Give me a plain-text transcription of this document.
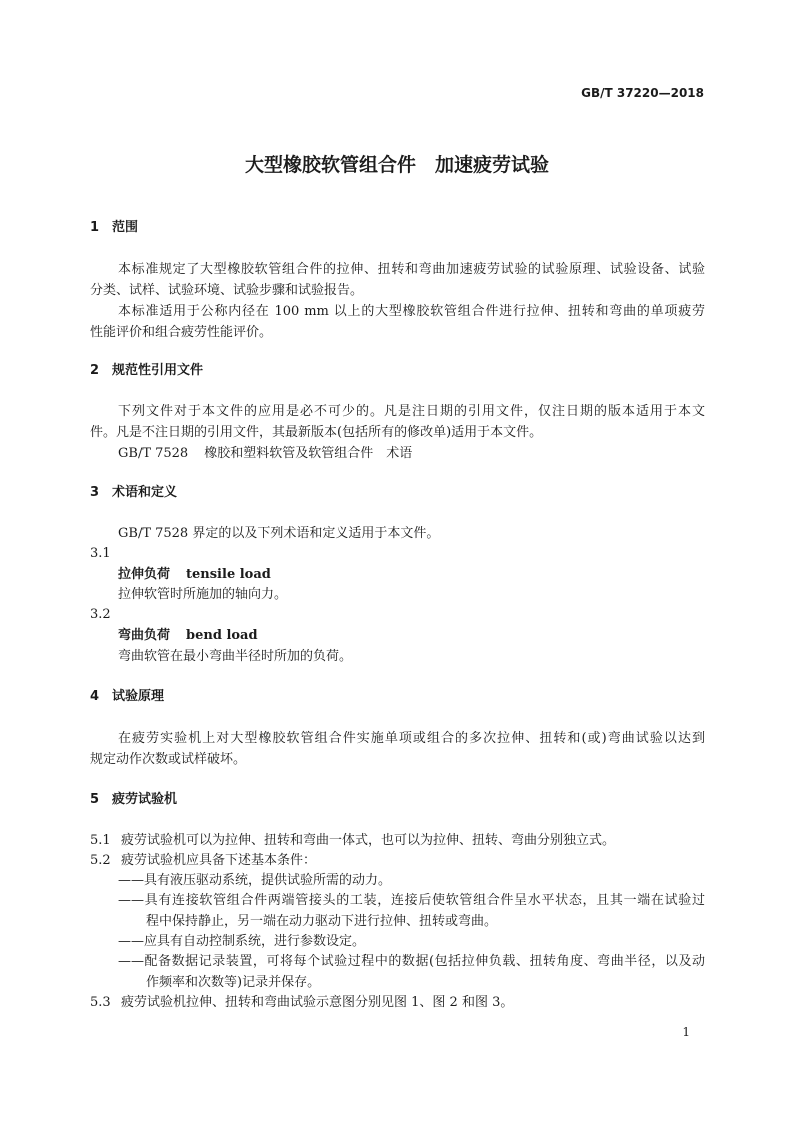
GB/T 37220—2018
大型橡胶软管组合件　加速疲劳试验
1 范围
本标准规定了大型橡胶软管组合件的拉伸、扭转和弯曲加速疲劳试验的试验原理、试验设备、试验
分类、试样、试验环境、试验步骤和试验报告。
本标准适用于公称内径在 100 mm 以上的大型橡胶软管组合件进行拉伸、扭转和弯曲的单项疲劳
性能评价和组合疲劳性能评价。
2 规范性引用文件
下列文件对于本文件的应用是必不可少的。凡是注日期的引用文件，仅注日期的版本适用于本文
件。凡是不注日期的引用文件，其最新版本(包括所有的修改单)适用于本文件。
GB/T 7528 橡胶和塑料软管及软管组合件　术语
3 术语和定义
GB/T 7528 界定的以及下列术语和定义适用于本文件。
3.1
拉伸负荷 tensile load
拉伸软管时所施加的轴向力。
3.2
弯曲负荷 bend load
弯曲软管在最小弯曲半径时所加的负荷。
4 试验原理
在疲劳实验机上对大型橡胶软管组合件实施单项或组合的多次拉伸、扭转和(或)弯曲试验以达到
规定动作次数或试样破坏。
5 疲劳试验机
5.1 疲劳试验机可以为拉伸、扭转和弯曲一体式，也可以为拉伸、扭转、弯曲分别独立式。
5.2 疲劳试验机应具备下述基本条件：
——具有液压驱动系统，提供试验所需的动力。
——具有连接软管组合件两端管接头的工装，连接后使软管组合件呈水平状态，且其一端在试验过
程中保持静止，另一端在动力驱动下进行拉伸、扭转或弯曲。
——应具有自动控制系统，进行参数设定。
——配备数据记录装置，可将每个试验过程中的数据(包括拉伸负载、扭转角度、弯曲半径，以及动
作频率和次数等)记录并保存。
5.3 疲劳试验机拉伸、扭转和弯曲试验示意图分别见图 1、图 2 和图 3。
1
